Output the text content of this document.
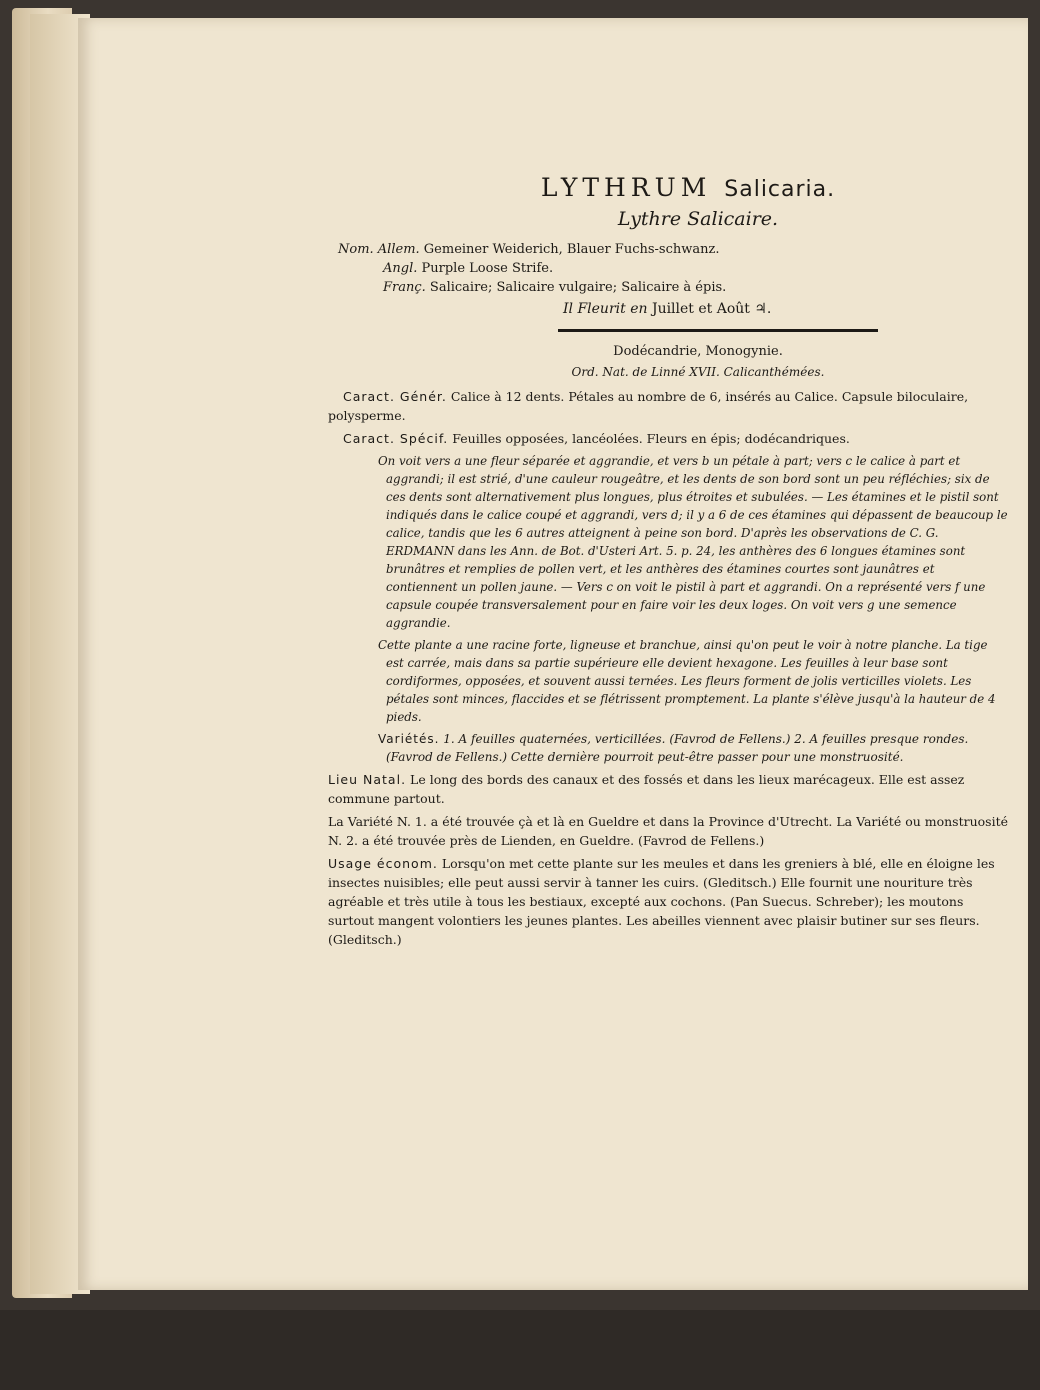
LYTHRUM Salicaria.
Lythre Salicaire.
Nom. Allem. Gemeiner Weiderich, Blauer Fuchs-schwanz.
Angl. Purple Loose Strife.
Franç. Salicaire; Salicaire vulgaire; Salicaire à épis.
Il Fleurit en Juillet et Août ♃.
Dodécandrie, Monogynie.
Ord. Nat. de Linné XVII. Calicanthémées.
Caract. Génér. Calice à 12 dents. Pétales au nombre de 6, insérés au Calice. Capsule biloculaire, polysperme.
Caract. Spécif. Feuilles opposées, lancéolées. Fleurs en épis; dodécandriques.
On voit vers a une fleur séparée et aggrandie, et vers b un pétale à part; vers c le calice à part et aggrandi; il est strié, d'une cauleur rougeâtre, et les dents de son bord sont un peu réfléchies; six de ces dents sont alternativement plus longues, plus étroites et subulées. — Les étamines et le pistil sont indiqués dans le calice coupé et aggrandi, vers d; il y a 6 de ces étamines qui dépassent de beaucoup le calice, tandis que les 6 autres atteignent à peine son bord. D'après les observations de C. G. ERDMANN dans les Ann. de Bot. d'Usteri Art. 5. p. 24, les anthères des 6 longues étamines sont brunâtres et remplies de pollen vert, et les anthères des étamines courtes sont jaunâtres et contiennent un pollen jaune. — Vers c on voit le pistil à part et aggrandi. On a représenté vers f une capsule coupée transversalement pour en faire voir les deux loges. On voit vers g une semence aggrandie.
Cette plante a une racine forte, ligneuse et branchue, ainsi qu'on peut le voir à notre planche. La tige est carrée, mais dans sa partie supérieure elle devient hexagone. Les feuilles à leur base sont cordiformes, opposées, et souvent aussi ternées. Les fleurs forment de jolis verticilles violets. Les pétales sont minces, flaccides et se flétrissent promptement. La plante s'élève jusqu'à la hauteur de 4 pieds.
Variétés. 1. A feuilles quaternées, verticillées. (Favrod de Fellens.) 2. A feuilles presque rondes. (Favrod de Fellens.) Cette dernière pourroit peut-être passer pour une monstruosité.
Lieu Natal. Le long des bords des canaux et des fossés et dans les lieux marécageux. Elle est assez commune partout.
La Variété N. 1. a été trouvée çà et là en Gueldre et dans la Province d'Utrecht. La Variété ou monstruosité N. 2. a été trouvée près de Lienden, en Gueldre. (Favrod de Fellens.)
Usage économ. Lorsqu'on met cette plante sur les meules et dans les greniers à blé, elle en éloigne les insectes nuisibles; elle peut aussi servir à tanner les cuirs. (Gleditsch.) Elle fournit une nouriture très agréable et très utile à tous les bestiaux, excepté aux cochons. (Pan Suecus. Schreber); les moutons surtout mangent volontiers les jeunes plantes. Les abeilles viennent avec plaisir butiner sur ses fleurs. (Gleditsch.)
